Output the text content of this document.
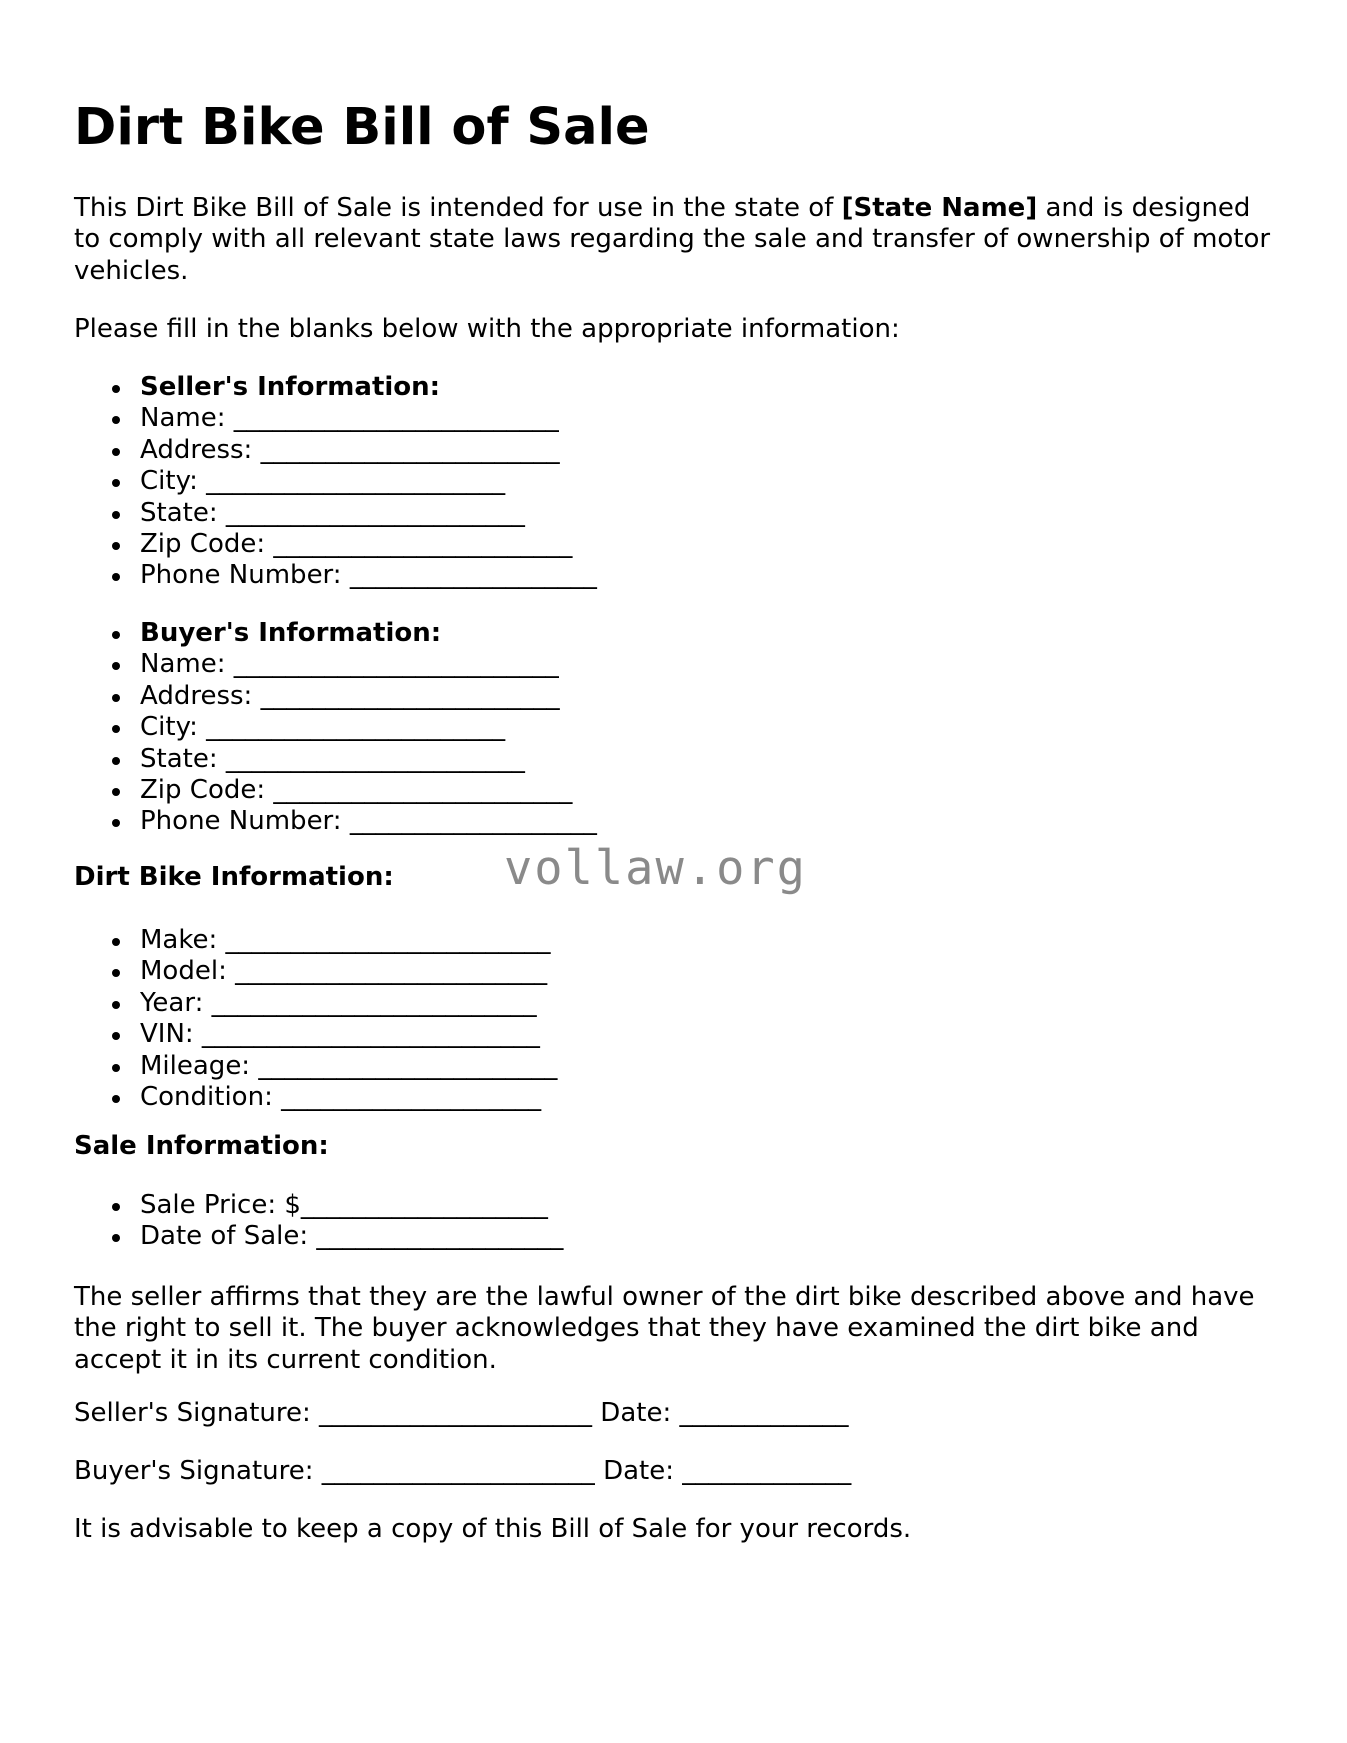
Dirt Bike Bill of Sale

This Dirt Bike Bill of Sale is intended for use in the state of [State Name] and is designed to comply with all relevant state laws regarding the sale and transfer of ownership of motor vehicles.

Please fill in the blanks below with the appropriate information:

Seller's Information:
Name: _________________________
Address: _______________________
City: _______________________
State: _______________________
Zip Code: _______________________
Phone Number: ___________________
Buyer's Information:
Name: _________________________
Address: _______________________
City: _______________________
State: _______________________
Zip Code: _______________________
Phone Number: ___________________
Dirt Bike Information:
Make: _________________________
Model: ________________________
Year: _________________________
VIN: __________________________
Mileage: _______________________
Condition: ____________________
Sale Information:
Sale Price: $___________________
Date of Sale: ___________________

The seller affirms that they are the lawful owner of the dirt bike described above and have the right to sell it. The buyer acknowledges that they have examined the dirt bike and accept it in its current condition.

Seller's Signature: _____________________ Date: _____________

Buyer's Signature: _____________________ Date: _____________

It is advisable to keep a copy of this Bill of Sale for your records.

vollaw.org
